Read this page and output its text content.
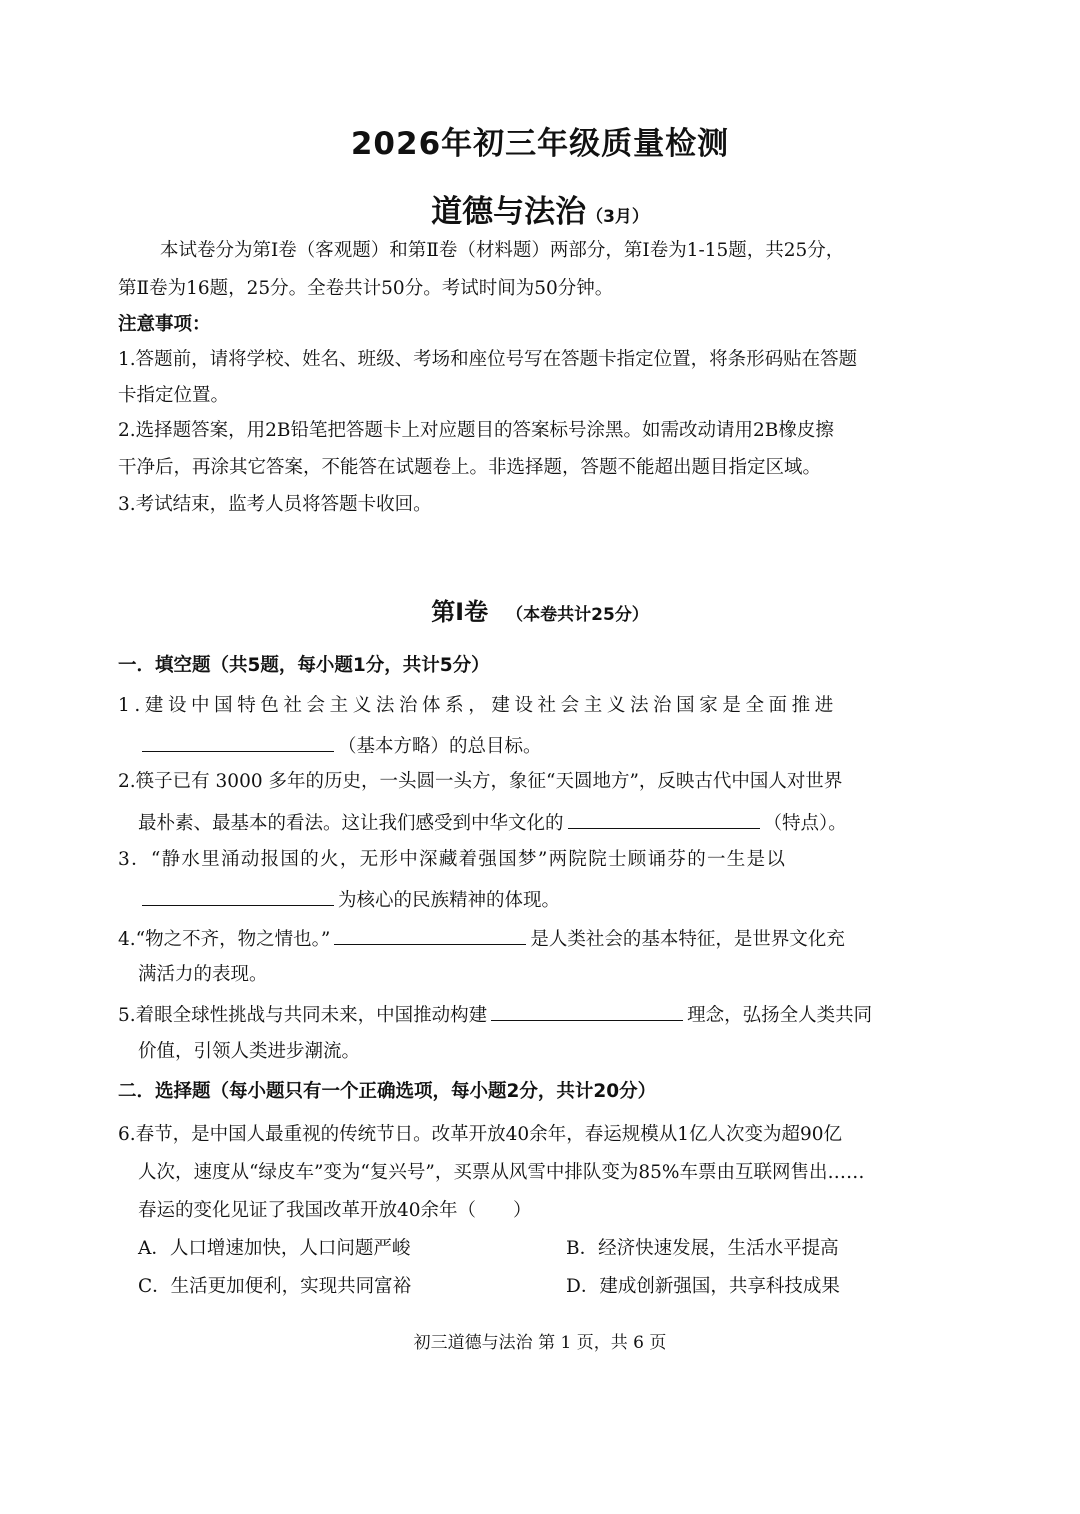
2026年初三年级质量检测
道德与法治（3月）
本试卷分为第Ⅰ卷（客观题）和第Ⅱ卷（材料题）两部分，第Ⅰ卷为1-15题，共25分，
第Ⅱ卷为16题，25分。全卷共计50分。考试时间为50分钟。
注意事项：
1.答题前，请将学校、姓名、班级、考场和座位号写在答题卡指定位置，将条形码贴在答题
卡指定位置。
2.选择题答案，用2B铅笔把答题卡上对应题目的答案标号涂黑。如需改动请用2B橡皮擦
干净后，再涂其它答案，不能答在试题卷上。非选择题，答题不能超出题目指定区域。
3.考试结束，监考人员将答题卡收回。
第Ⅰ卷 （本卷共计25分）
一．填空题（共5题，每小题1分，共计5分）
1.建设中国特色社会主义法治体系，建设社会主义法治国家是全面推进
（基本方略）的总目标。
2.筷子已有 3000 多年的历史，一头圆一头方，象征“天圆地方”，反映古代中国人对世界
最朴素、最基本的看法。这让我们感受到中华文化的	（特点）。
3．“静水里涌动报国的火，无形中深藏着强国梦”两院院士顾诵芬的一生是以
为核心的民族精神的体现。
4.“物之不齐，物之情也。”	是人类社会的基本特征，是世界文化充
满活力的表现。
5.着眼全球性挑战与共同未来，中国推动构建	理念，弘扬全人类共同
价值，引领人类进步潮流。
二．选择题（每小题只有一个正确选项，每小题2分，共计20分）
6.春节，是中国人最重视的传统节日。改革开放40余年，春运规模从1亿人次变为超90亿
人次，速度从“绿皮车”变为“复兴号”，买票从风雪中排队变为85%车票由互联网售出……
春运的变化见证了我国改革开放40余年（　　）
A．人口增速加快，人口问题严峻	B．经济快速发展，生活水平提高
C．生活更加便利，实现共同富裕	D．建成创新强国，共享科技成果
初三道德与法治 第 1 页，共 6 页
